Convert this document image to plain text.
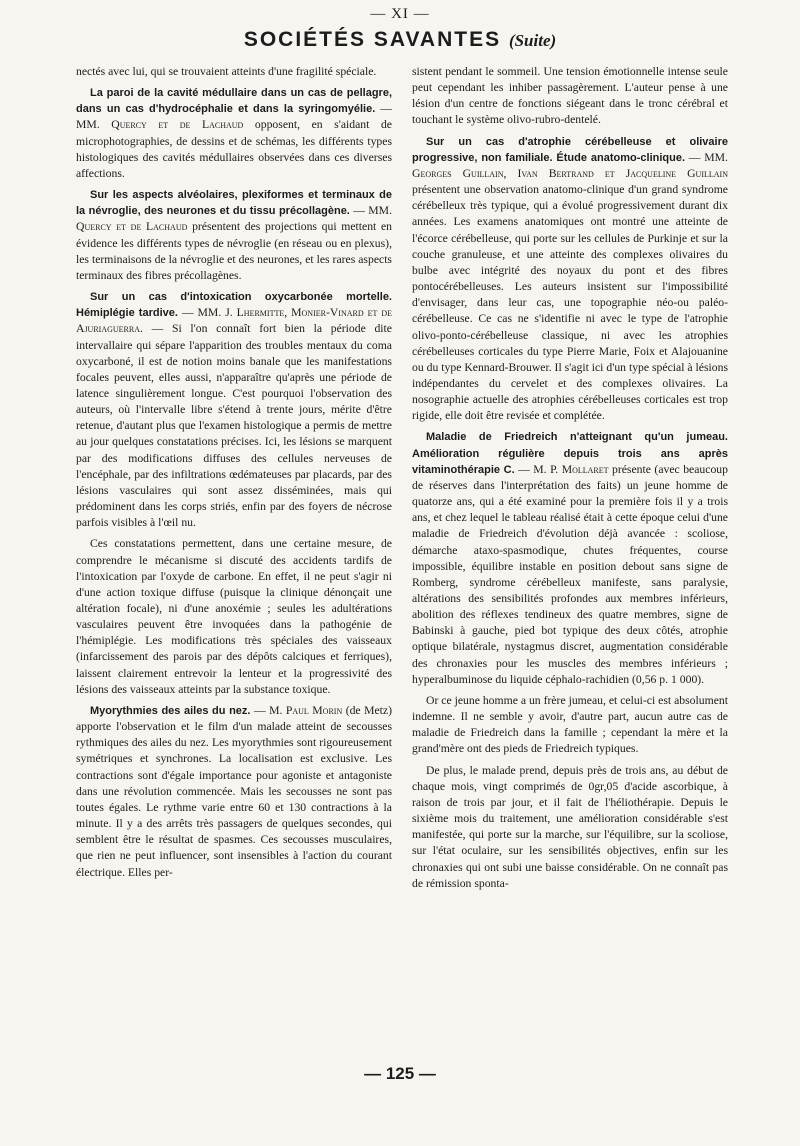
— XI —
SOCIÉTÉS SAVANTES (Suite)

nectés avec lui, qui se trouvaient atteints d'une fragilité spéciale.

La paroi de la cavité médullaire dans un cas de pellagre, dans un cas d'hydrocéphalie et dans la syringomyélie. — MM. Quercy et de Lachaud opposent, en s'aidant de microphotographies, de dessins et de schémas, les différents types histologiques des cavités médullaires observées dans ces diverses affections.

Sur les aspects alvéolaires, plexiformes et terminaux de la névroglie, des neurones et du tissu précollagène. — MM. Quercy et de Lachaud présentent des projections qui mettent en évidence les différents types de névroglie (en réseau ou en plexus), les terminaisons de la névroglie et des neurones, et les rares aspects terminaux des fibres précollagènes.

Sur un cas d'intoxication oxycarbonée mortelle. Hémiplégie tardive. — MM. J. Lhermitte, Monier-Vinard et de Ajuriaguerra. — Si l'on connaît fort bien la période dite intervallaire qui sépare l'apparition des troubles mentaux du coma oxycarboné, il est de notion moins banale que les manifestations focales peuvent, elles aussi, n'apparaître qu'après une période de latence singulièrement longue. C'est pourquoi l'observation des auteurs, où l'intervalle libre s'étend à trente jours, mérite d'être retenue, d'autant plus que l'examen histologique a permis de mettre au jour quelques constatations précises. Ici, les lésions se marquent par des modifications diffuses des cellules nerveuses de l'encéphale, par des infiltrations œdémateuses par placards, par des lésions vasculaires qui sont assez disséminées, mais qui prédominent dans les corps striés, enfin par des foyers de nécrose parfois visibles à l'œil nu.

Ces constatations permettent, dans une certaine mesure, de comprendre le mécanisme si discuté des accidents tardifs de l'intoxication par l'oxyde de carbone. En effet, il ne peut s'agir ni d'une action toxique diffuse (puisque la clinique dénonçait une altération focale), ni d'une anoxémie ; seules les adultérations vasculaires peuvent être invoquées dans la pathogénie de l'hémiplégie. Les modifications très spéciales des vaisseaux (infarcissement des parois par des dépôts calciques et ferriques), laissent clairement entrevoir la lenteur et la progressivité des lésions des vaisseaux atteints par la substance toxique.

Myorythmies des ailes du nez. — M. Paul Morin (de Metz) apporte l'observation et le film d'un malade atteint de secousses rythmiques des ailes du nez. Les myorythmies sont rigoureusement symétriques et synchrones. La localisation est exclusive. Les contractions sont d'égale importance pour agoniste et antagoniste dans une révolution commencée. Mais les secousses ne sont pas toutes égales. Le rythme varie entre 60 et 130 contractions à la minute. Il y a des arrêts très passagers de quelques secondes, qui semblent être le résultat de spasmes. Ces secousses musculaires, que rien ne peut influencer, sont insensibles à l'action du courant électrique. Elles per-

sistent pendant le sommeil. Une tension émotionnelle intense seule peut cependant les inhiber passagèrement. L'auteur pense à une lésion d'un centre de fonctions siégeant dans le tronc cérébral et touchant le système olivo-rubro-dentelé.

Sur un cas d'atrophie cérébelleuse et olivaire progressive, non familiale. Étude anatomo-clinique. — MM. Georges Guillain, Ivan Bertrand et Jacqueline Guillain présentent une observation anatomo-clinique d'un grand syndrome cérébelleux très typique, qui a évolué progressivement durant dix années. Les examens anatomiques ont montré une atteinte de l'écorce cérébelleuse, qui porte sur les cellules de Purkinje et sur la couche granuleuse, et une atteinte des complexes olivaires du bulbe avec intégrité des noyaux du pont et des fibres pontocérébelleuses. Les auteurs insistent sur l'impossibilité d'envisager, dans leur cas, une topographie néo-ou paléo-cérébelleuse. Ce cas ne s'identifie ni avec le type de l'atrophie olivo-ponto-cérébelleuse classique, ni avec les atrophies cérébelleuses corticales du type Pierre Marie, Foix et Alajouanine ou du type Kennard-Brouwer. Il s'agit ici d'un type spécial à lésions indépendantes du cervelet et des complexes olivaires. La nosographie actuelle des atrophies cérébelleuses corticales est trop rigide, elle doit être revisée et complétée.

Maladie de Friedreich n'atteignant qu'un jumeau. Amélioration régulière depuis trois ans après vitaminothérapie C. — M. P. Mollaret présente (avec beaucoup de réserves dans l'interprétation des faits) un jeune homme de quatorze ans, qui a été examiné pour la première fois il y a trois ans, et chez lequel le tableau réalisé était à cette époque celui d'une maladie de Friedreich d'évolution déjà avancée : scoliose, démarche ataxo-spasmodique, chutes fréquentes, course impossible, équilibre instable en position debout sans signe de Romberg, syndrome cérébelleux manifeste, sans paralysie, altérations des sensibilités profondes aux membres inférieurs, abolition des réflexes tendineux des quatre membres, signe de Babinski à gauche, pied bot typique des deux côtés, atrophie optique bilatérale, nystagmus discret, augmentation considérable des chronaxies pour les muscles des membres inférieurs ; hyperalbuminose du liquide céphalo-rachidien (0,56 p. 1 000).

Or ce jeune homme a un frère jumeau, et celui-ci est absolument indemne. Il ne semble y avoir, d'autre part, aucun autre cas de maladie de Friedreich dans la famille ; cependant la mère et la grand'mère ont des pieds de Friedreich typiques.

De plus, le malade prend, depuis près de trois ans, au début de chaque mois, vingt comprimés de 0gr,05 d'acide ascorbique, à raison de trois par jour, et il fait de l'héliothérapie. Depuis le sixième mois du traitement, une amélioration considérable s'est manifestée, qui porte sur la marche, sur l'équilibre, sur la scoliose, sur l'état oculaire, sur les sensibilités objectives, enfin sur les chronaxies qui ont subi une baisse considérable. On ne connaît pas de rémission sponta-

— 125 —
